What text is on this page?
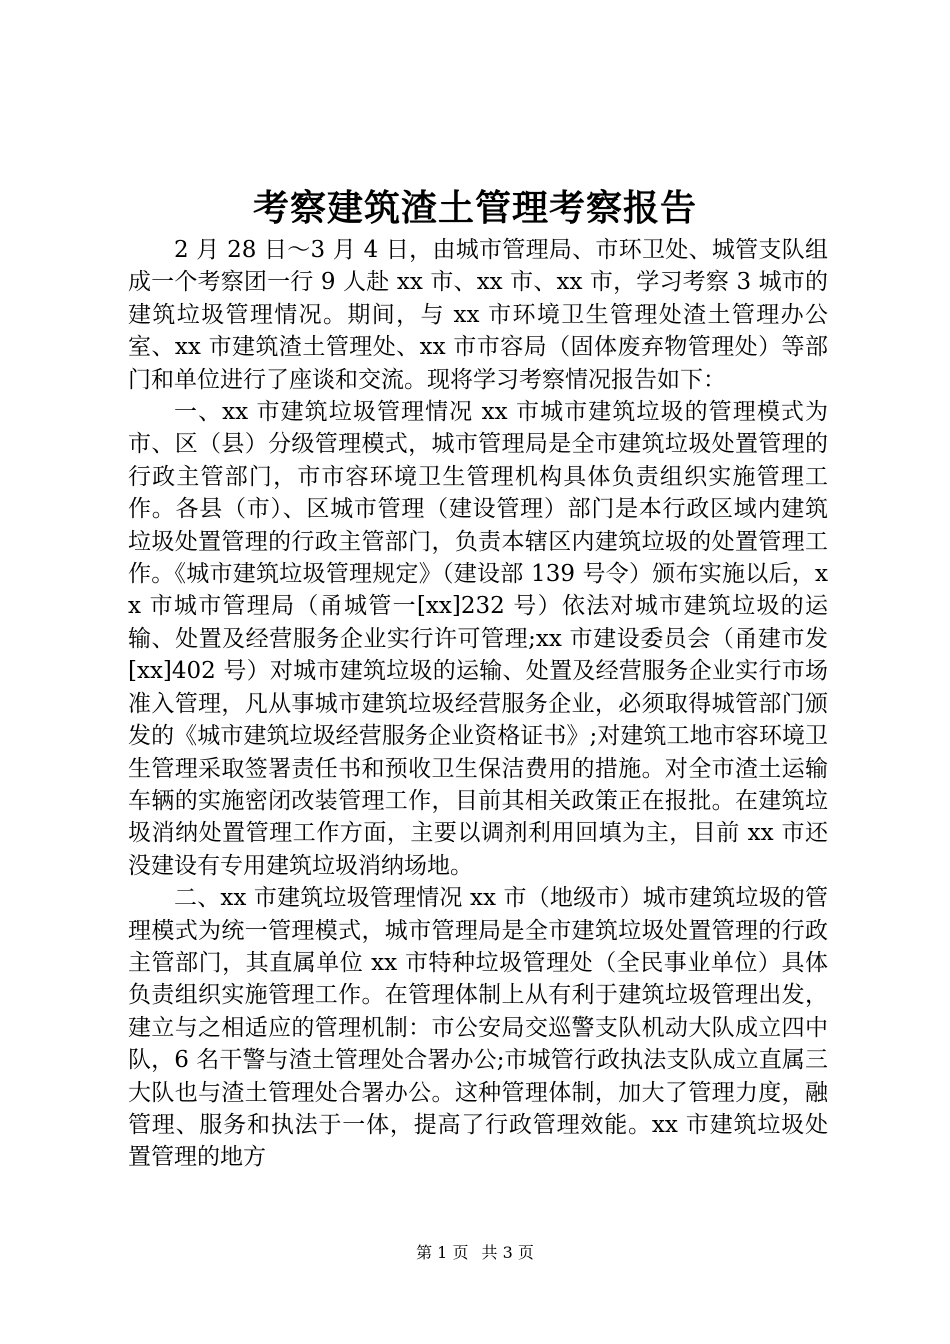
考察建筑渣土管理考察报告

2 月 28 日～3 月 4 日，由城市管理局、市环卫处、城管支队组成一个考察团一行 9 人赴 xx 市、xx 市、xx 市，学习考察 3 城市的建筑垃圾管理情况。期间，与 xx 市环境卫生管理处渣土管理办公室、xx 市建筑渣土管理处、xx 市市容局（固体废弃物管理处）等部门和单位进行了座谈和交流。现将学习考察情况报告如下：

一、xx 市建筑垃圾管理情况 xx 市城市建筑垃圾的管理模式为市、区（县）分级管理模式，城市管理局是全市建筑垃圾处置管理的行政主管部门，市市容环境卫生管理机构具体负责组织实施管理工作。各县（市）、区城市管理（建设管理）部门是本行政区域内建筑垃圾处置管理的行政主管部门，负责本辖区内建筑垃圾的处置管理工作。《城市建筑垃圾管理规定》（建设部 139 号令）颁布实施以后，xx 市城市管理局（甬城管一[xx]232 号）依法对城市建筑垃圾的运输、处置及经营服务企业实行许可管理;xx 市建设委员会（甬建市发[xx]402 号）对城市建筑垃圾的运输、处置及经营服务企业实行市场准入管理，凡从事城市建筑垃圾经营服务企业，必须取得城管部门颁发的《城市建筑垃圾经营服务企业资格证书》;对建筑工地市容环境卫生管理采取签署责任书和预收卫生保洁费用的措施。对全市渣土运输车辆的实施密闭改装管理工作，目前其相关政策正在报批。在建筑垃圾消纳处置管理工作方面，主要以调剂利用回填为主，目前 xx 市还没建设有专用建筑垃圾消纳场地。

二、xx 市建筑垃圾管理情况 xx 市（地级市）城市建筑垃圾的管理模式为统一管理模式，城市管理局是全市建筑垃圾处置管理的行政主管部门，其直属单位 xx 市特种垃圾管理处（全民事业单位）具体负责组织实施管理工作。在管理体制上从有利于建筑垃圾管理出发，建立与之相适应的管理机制：市公安局交巡警支队机动大队成立四中队，6 名干警与渣土管理处合署办公;市城管行政执法支队成立直属三大队也与渣土管理处合署办公。这种管理体制，加大了管理力度，融管理、服务和执法于一体，提高了行政管理效能。xx 市建筑垃圾处置管理的地方

第 1 页 共 3 页
